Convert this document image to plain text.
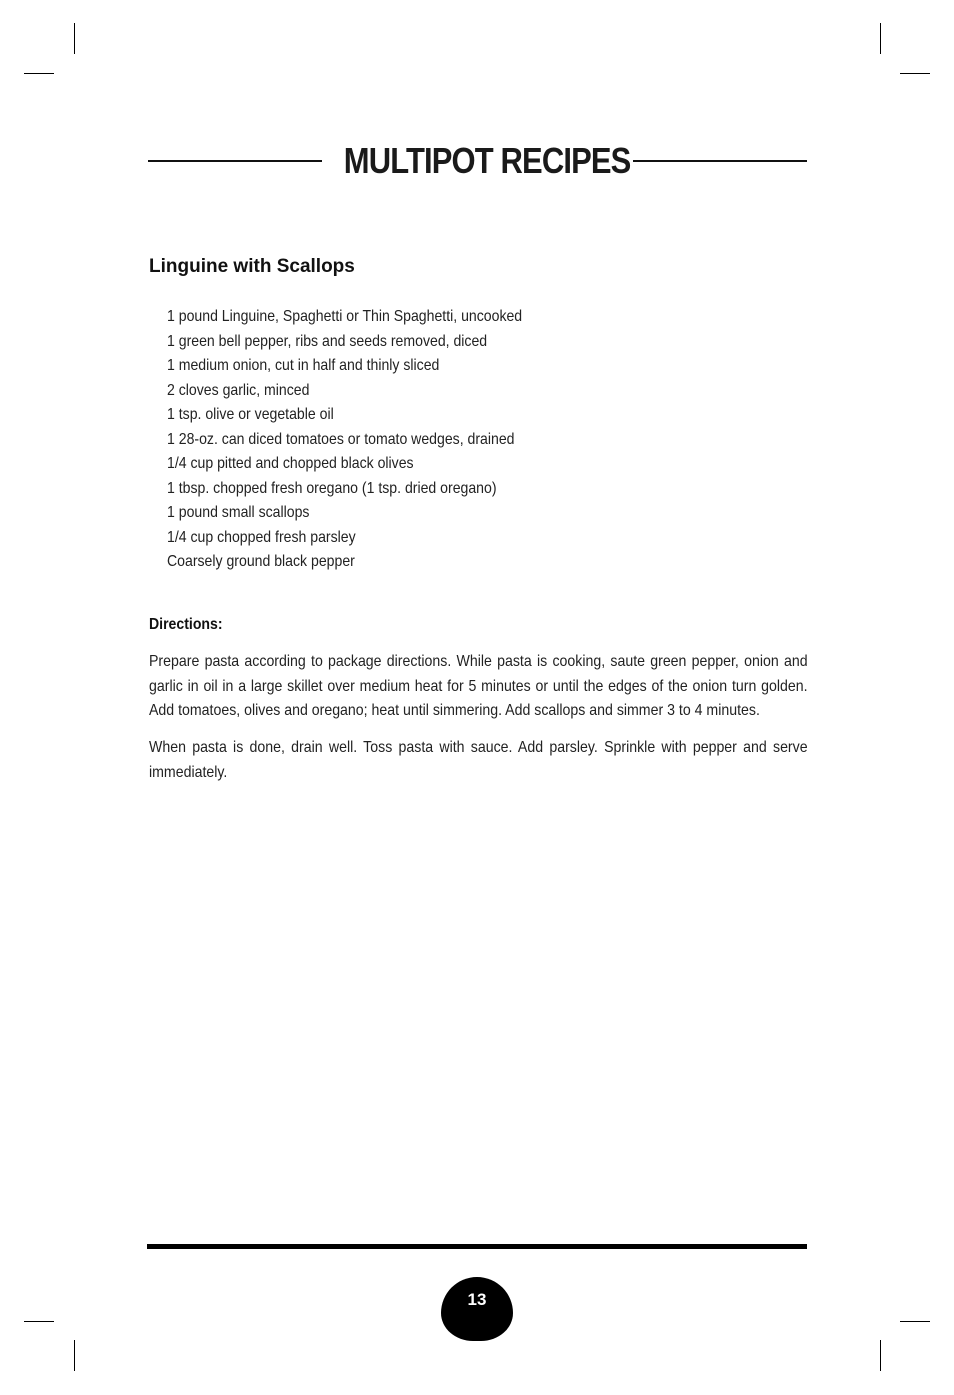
MULTIPOT RECIPES
Linguine with Scallops
1 pound Linguine, Spaghetti or Thin Spaghetti, uncooked
1 green bell pepper, ribs and seeds removed, diced
1 medium onion, cut in half and thinly sliced
2 cloves garlic, minced
1 tsp. olive or vegetable oil
1 28-oz. can diced tomatoes or tomato wedges, drained
1/4 cup pitted and chopped black olives
1 tbsp. chopped fresh oregano (1 tsp. dried oregano)
1 pound small scallops
1/4 cup chopped fresh parsley
Coarsely ground black pepper
Directions:

Prepare pasta according to package directions. While pasta is cooking, saute green pepper, onion and garlic in oil in a large skillet over medium heat for 5 minutes or until the edges of the onion turn golden. Add tomatoes, olives and oregano; heat until simmering. Add scallops and simmer 3 to 4 minutes.

When pasta is done, drain well. Toss pasta with sauce. Add parsley. Sprinkle with pepper and serve immediately.

13
